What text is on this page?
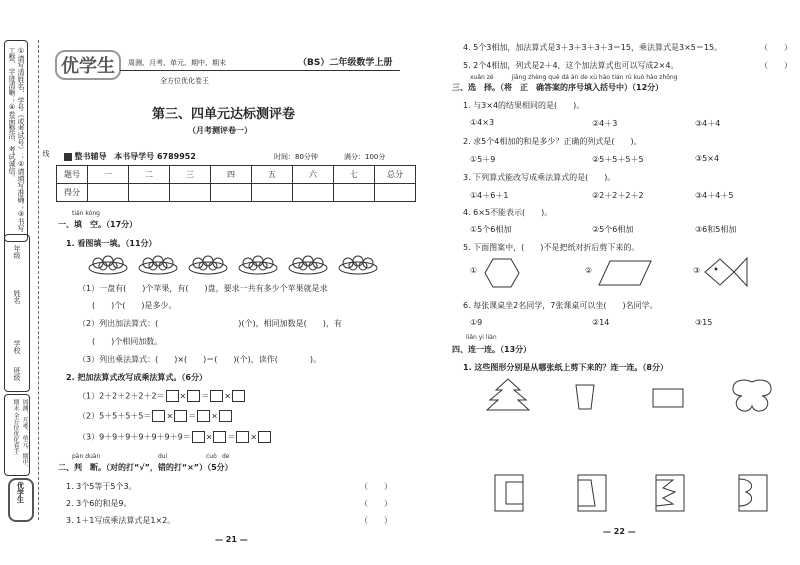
①请写清姓名、学号（或考试号）；②请填写准确；③书写工整、字迹清晰；④卷面整洁、考试诚信。	线
年级
姓名
学校
班级
周测、月考、单元、期中、期末 全方位优化卷王
优学生
优学生	周测、月考、单元、期中、期末	（BS）二年级数学上册
全方位优化卷王
第三、四单元达标测评卷
（月考测评卷一）
整书辅导 本书导学号 6789952	时间：80分钟	满分：100分
题号	一	二	三	四	五	六	七	总分
得分								
tián kòng
一、填　空。（17分）
1. 看图填一填。（11分）
（1）一盘有(　　)个苹果，有(　　)盘，要求一共有多少个苹果就是求
(　　)个(　　)是多少。
（2）列出加法算式：(　　　　　　　　　　)(个)，相同加数是(　　)，有
(　　)个相同加数。
（3）列出乘法算式：(　　)×(　　)＝(　　)(个)，读作(　　　　)。
2. 把加法算式改写成乘法算式。（6分）
（1）2＋2＋2＋2＋2＝ × ＝ ×
（2）5＋5＋5＋5＝ × ＝ ×
（3）9＋9＋9＋9＋9＋9＋9＝ × ＝ ×
pàn duàn	duì	cuò de
二、判　断。（对的打“√”，错的打“×”）（5分）
1. 3个5等于5个3。	（　　）
2. 3个6的和是9。	（　　）
3. 1＋1写成乘法算式是1×2。	（　　）
— 21 —
4. 5个3相加，加法算式是3＋3＋3＋3＋3＝15，乘法算式是3×5＝15。	（　　）
5. 2个4相加，列式是2＋4，这个加法算式也可以写成2×4。	（　　）
xuǎn zé　　　jiāng zhèng què dá àn de xù hào tián rù kuò hào zhōng
三、选　择。（将　正　确答案的序号填入括号中）（12分）
1. 与3×4的结果相同的是(　　)。
①4×3	②4＋3	③4＋4
2. 求5个4相加的和是多少？正确的列式是(　　)。
①5＋9	②5＋5＋5＋5	③5×4
3. 下列算式能改写成乘法算式的是(　　)。
①4＋6＋1	②2＋2＋2＋2	③4＋4＋5
4. 6×5不能表示(　　)。
①5个6相加	②5个6相加	③6和5相加
5. 下面图案中，(　　)不是把纸对折后剪下来的。
①	②	③
6. 每张课桌坐2名同学，7张课桌可以坐(　　)名同学。
①9	②14	③15
lián yi lián
四、连一连。（13分）
1. 这些图形分别是从哪张纸上剪下来的？连一连。（8分）
— 22 —
